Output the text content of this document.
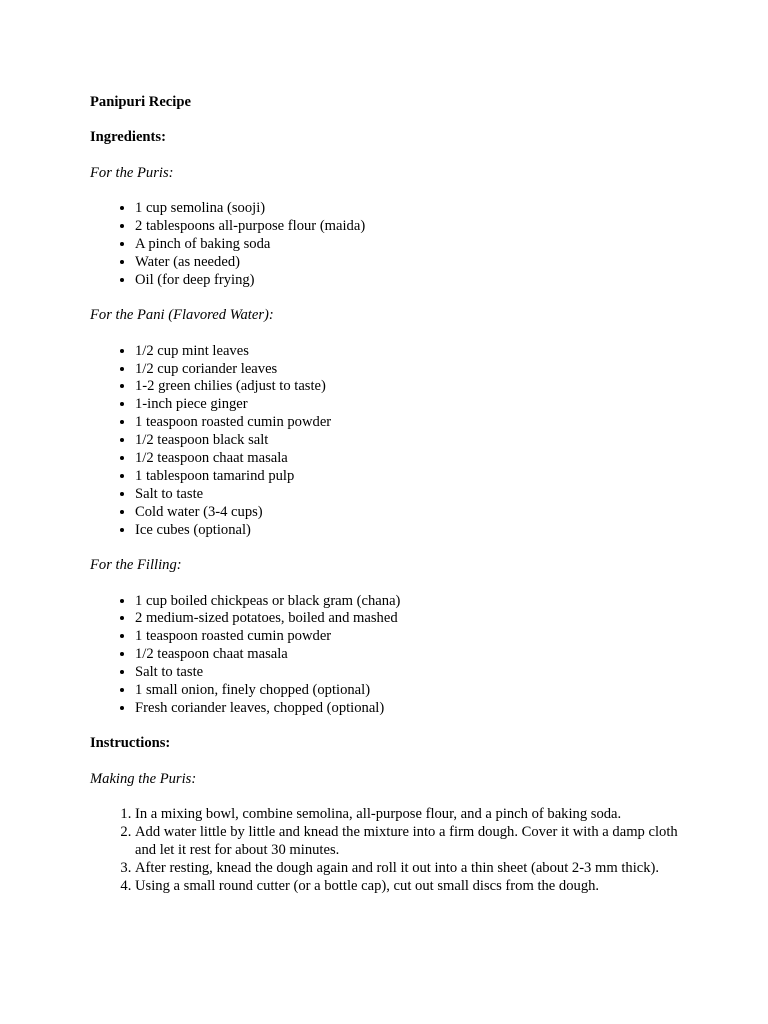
Panipuri Recipe

Ingredients:

For the Puris:

• 1 cup semolina (sooji)
• 2 tablespoons all-purpose flour (maida)
• A pinch of baking soda
• Water (as needed)
• Oil (for deep frying)

For the Pani (Flavored Water):

• 1/2 cup mint leaves
• 1/2 cup coriander leaves
• 1-2 green chilies (adjust to taste)
• 1-inch piece ginger
• 1 teaspoon roasted cumin powder
• 1/2 teaspoon black salt
• 1/2 teaspoon chaat masala
• 1 tablespoon tamarind pulp
• Salt to taste
• Cold water (3-4 cups)
• Ice cubes (optional)

For the Filling:

• 1 cup boiled chickpeas or black gram (chana)
• 2 medium-sized potatoes, boiled and mashed
• 1 teaspoon roasted cumin powder
• 1/2 teaspoon chaat masala
• Salt to taste
• 1 small onion, finely chopped (optional)
• Fresh coriander leaves, chopped (optional)

Instructions:

Making the Puris:

1. In a mixing bowl, combine semolina, all-purpose flour, and a pinch of baking soda.
2. Add water little by little and knead the mixture into a firm dough. Cover it with a damp cloth and let it rest for about 30 minutes.
3. After resting, knead the dough again and roll it out into a thin sheet (about 2-3 mm thick).
4. Using a small round cutter (or a bottle cap), cut out small discs from the dough.
